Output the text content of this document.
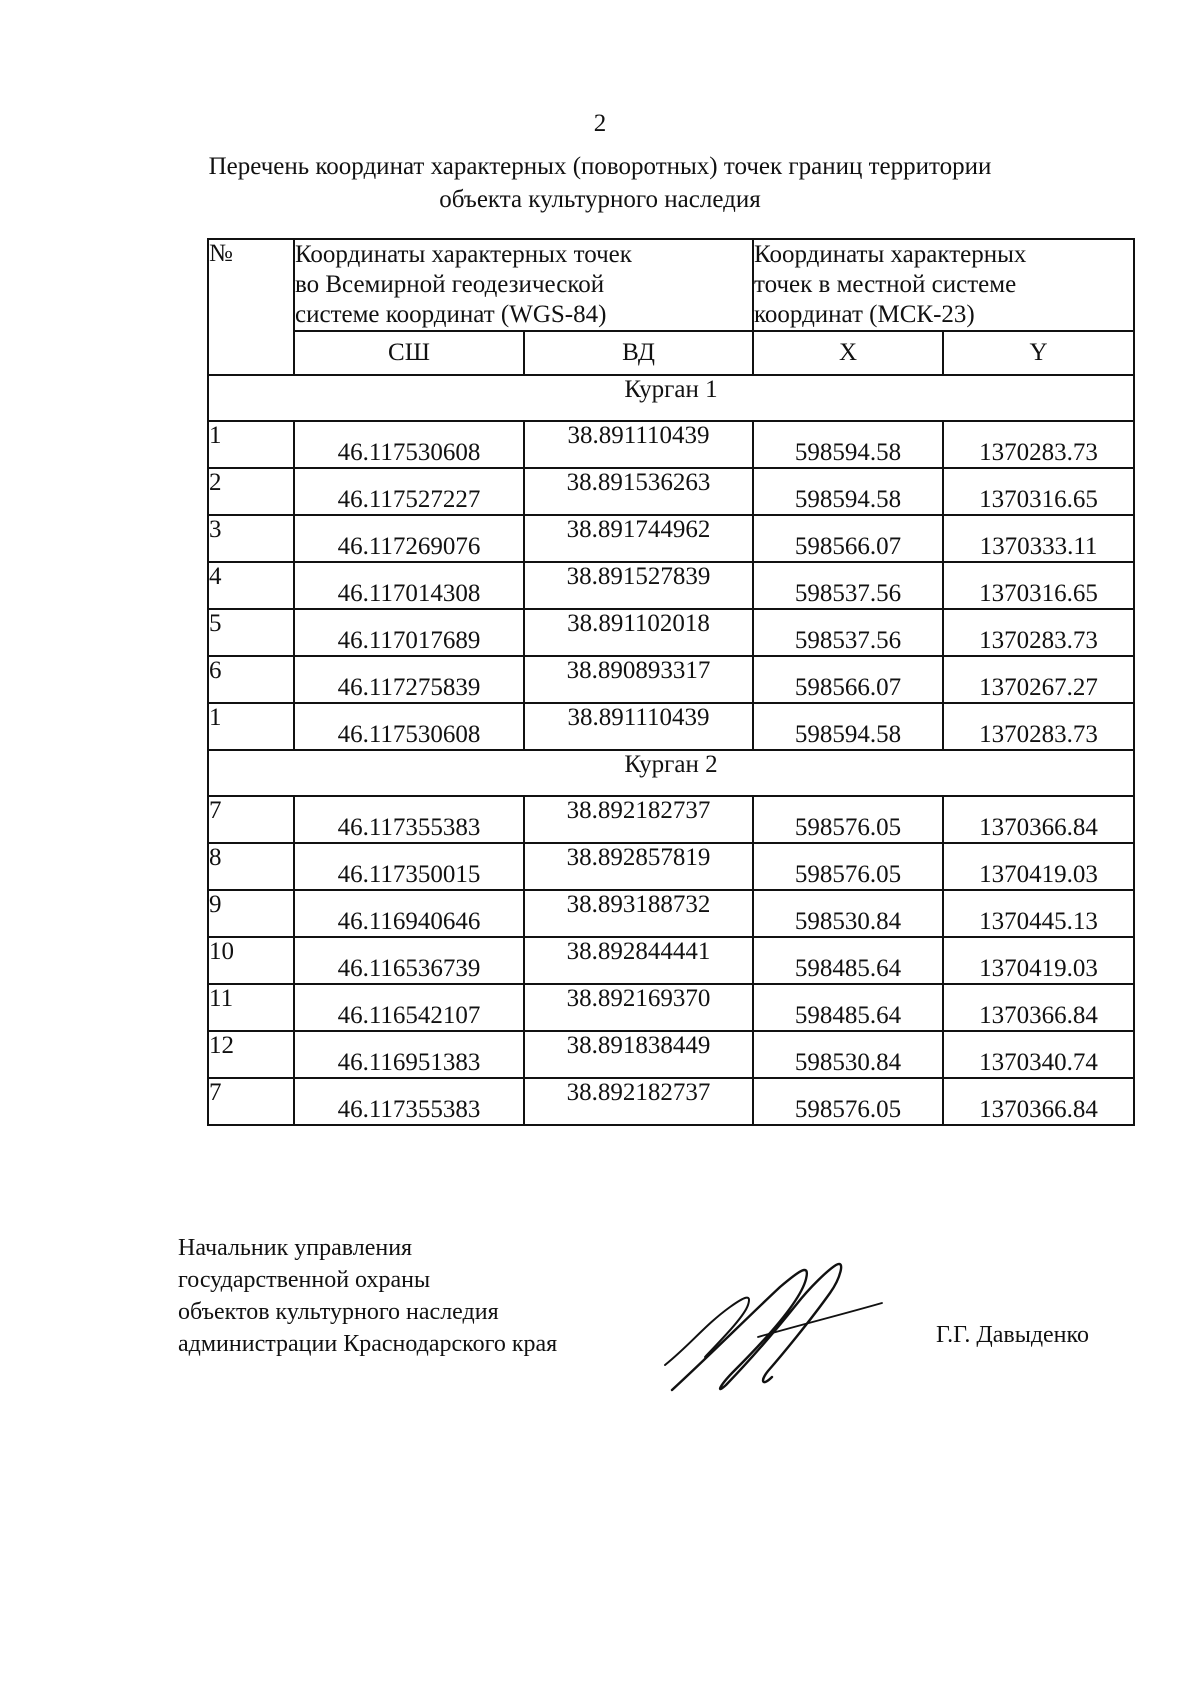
2
Перечень координат характерных (поворотных) точек границ территории
объекта культурного наследия
№	Координаты характерных точек
во Всемирной геодезической
системе координат (WGS-84)		Координаты характерных
точек в местной системе
координат (МСК-23)	

	СШ	ВД	X	Y
Курган 1				
1	46.117530608	38.891110439	598594.58	1370283.73
2	46.117527227	38.891536263	598594.58	1370316.65
3	46.117269076	38.891744962	598566.07	1370333.11
4	46.117014308	38.891527839	598537.56	1370316.65
5	46.117017689	38.891102018	598537.56	1370283.73
6	46.117275839	38.890893317	598566.07	1370267.27
1	46.117530608	38.891110439	598594.58	1370283.73
Курган 2				
7	46.117355383	38.892182737	598576.05	1370366.84
8	46.117350015	38.892857819	598576.05	1370419.03
9	46.116940646	38.893188732	598530.84	1370445.13
10	46.116536739	38.892844441	598485.64	1370419.03
11	46.116542107	38.892169370	598485.64	1370366.84
12	46.116951383	38.891838449	598530.84	1370340.74
7	46.117355383	38.892182737	598576.05	1370366.84
Начальник управления
государственной охраны
объектов культурного наследия
администрации Краснодарского края	Г.Г. Давыденко
